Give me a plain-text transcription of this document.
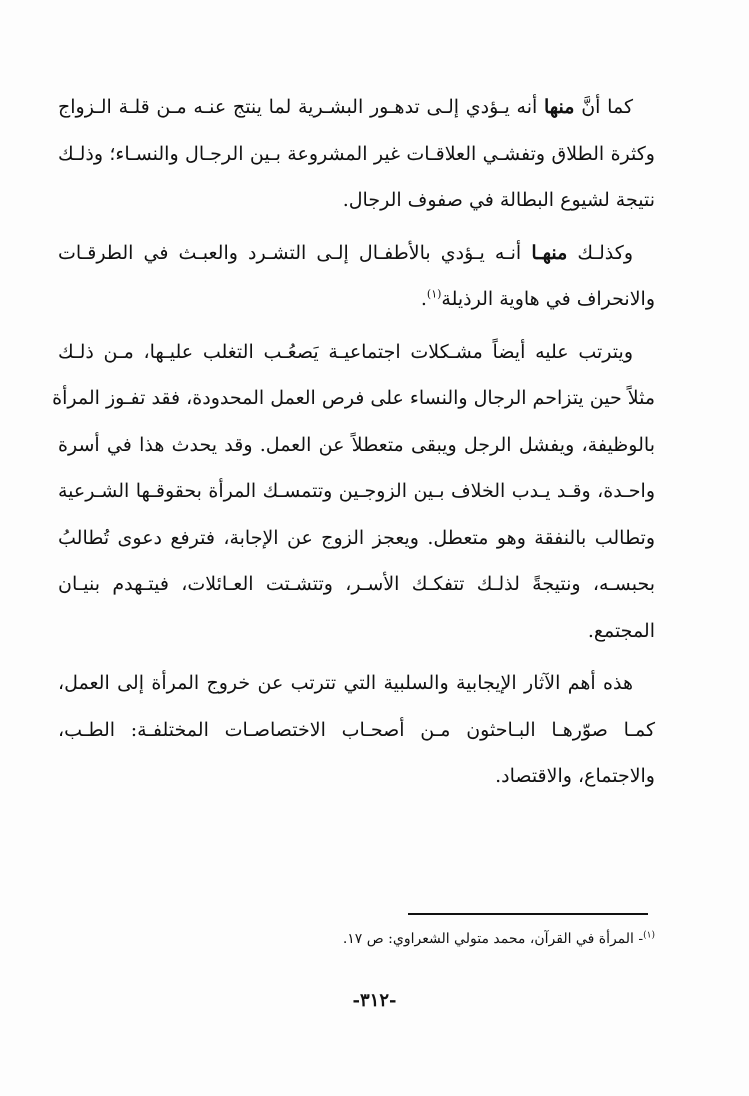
كما أنَّ منها أنه يـؤدي إلـى تدهـور البشـرية لما ينتج عنـه مـن قلـة الـزواج
وكثرة الطلاق وتفشـي العلاقـات غير المشروعة بـين الرجـال والنسـاء؛ وذلـك
نتيجة لشيوع البطالة في صفوف الرجال.
وكذلـك منهـا أنـه يـؤدي بالأطفـال إلـى التشـرد والعبـث في الطرقـات
والانحراف في هاوية الرذيلة$^{(١)}$.
ويترتب عليه أيضاً مشـكلات اجتماعيـة يَصعُـب التغلب عليـها، مـن ذلـك
مثلاً حين يتزاحم الرجال والنساء على فرص العمل المحدودة، فقد تفـوز المرأة
بالوظيفة، ويفشل الرجل ويبقى متعطلاً عن العمل. وقد يحدث هذا في أسرة
واحـدة، وقـد يـدب الخلاف بـين الزوجـين وتتمسـك المرأة بحقوقـها الشـرعية
وتطالب بالنفقة وهو متعطل. ويعجز الزوج عن الإجابة، فترفع دعوى تُطالبُ
بحبسـه، ونتيجةً لذلـك تتفكـك الأسـر، وتتشـتت العـائلات، فيتـهدم بنيـان
المجتمع.
هذه أهم الآثار الإيجابية والسلبية التي تترتب عن خروج المرأة إلى العمل،
كمـا صوّرهـا البـاحثون مـن أصحـاب الاختصاصـات المختلفـة: الطـب،
والاجتماع، والاقتصاد.
$^{(١)}$- المرأة في القرآن، محمد متولي الشعراوي: ص ١٧.
-٣١٢-
